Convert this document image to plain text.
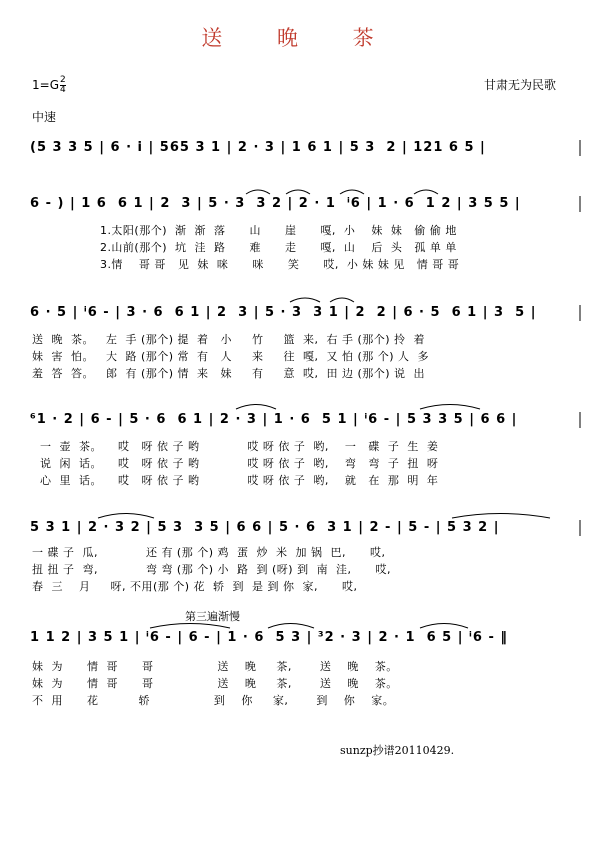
送 晚 茶
$1=G \frac{2}{4}$	甘肃无为民歌
中速
(5 3 3 5 | 6 · i | 565 3 1 | 2 · 3 | 1 6 1 | 5 3  2 | 121 6 5 |
6 - ) | 1 6  6 1 | 2  3 | 5 · 3  3 2 | 2 · 1  ⁱ6 | 1 · 6  1 2 | 3 5 5 |
1.太阳(那个)  渐  渐  落      山      崖      嘎,  小    妹  妹   偷 偷 地
2.山前(那个)  坑  洼  路      难      走      嘎,  山    后  头   孤 单 单
3.情    哥 哥   见  妹  咪      咪      笑      哎,  小 妹 妹 见   情 哥 哥
6 · 5 | ⁱ6 - | 3 · 6  6 1 | 2  3 | 5 · 3  3 1 | 2  2 | 6 · 5  6 1 | 3  5 |
送  晚  茶。   左  手 (那个) 提  着   小     竹     篮  来,  右 手 (那个) 拎  着
妹  害  怕。   大  路 (那个) 常  有   人     来     往  嘎,  又 怕 (那 个) 人  多
羞  答  答。   郎  有 (那个) 情  来   妹     有     意  哎,  田 边 (那个) 说  出
⁶1 · 2 | 6 - | 5 · 6  6 1 | 2 · 3 | 1 · 6  5 1 | ⁱ6 - | 5 3 3 5 | 6 6 |
一  壶  茶。    哎   呀 依 子 哟            哎 呀 依 子  哟,    一   碟  子  生  姜
说  闲  话。    哎   呀 依 子 哟            哎 呀 依 子  哟,    弯   弯  子  扭  呀
心  里  话。    哎   呀 依 子 哟            哎 呀 依 子  哟,    就   在  那  明  年
5 3 1 | 2 · 3 2 | 5 3  3 5 | 6 6 | 5 · 6  3 1 | 2 - | 5 - | 5 3 2 |
一 碟 子  瓜,            还 有 (那 个) 鸡  蛋  炒  米  加 锅  巴,      哎,
扭 扭 子  弯,            弯 弯 (那 个) 小  路  到 (呀) 到  南  洼,      哎,
春  三    月     呀, 不用(那 个) 花  轿  到  是 到 你  家,      哎,
第三遍渐慢
1 1 2 | 3 5 1 | ⁱ6 - | 6 - | 1 · 6  5 3 | ³2 · 3 | 2 · 1  6 5 | ⁱ6 - ‖
妹  为      情  哥      哥                送    晚     茶,       送    晚    茶。
妹  为      情  哥      哥                送    晚     茶,       送    晚    茶。
不  用      花          轿                到    你     家,       到    你    家。
sunzp抄谱20110429.
